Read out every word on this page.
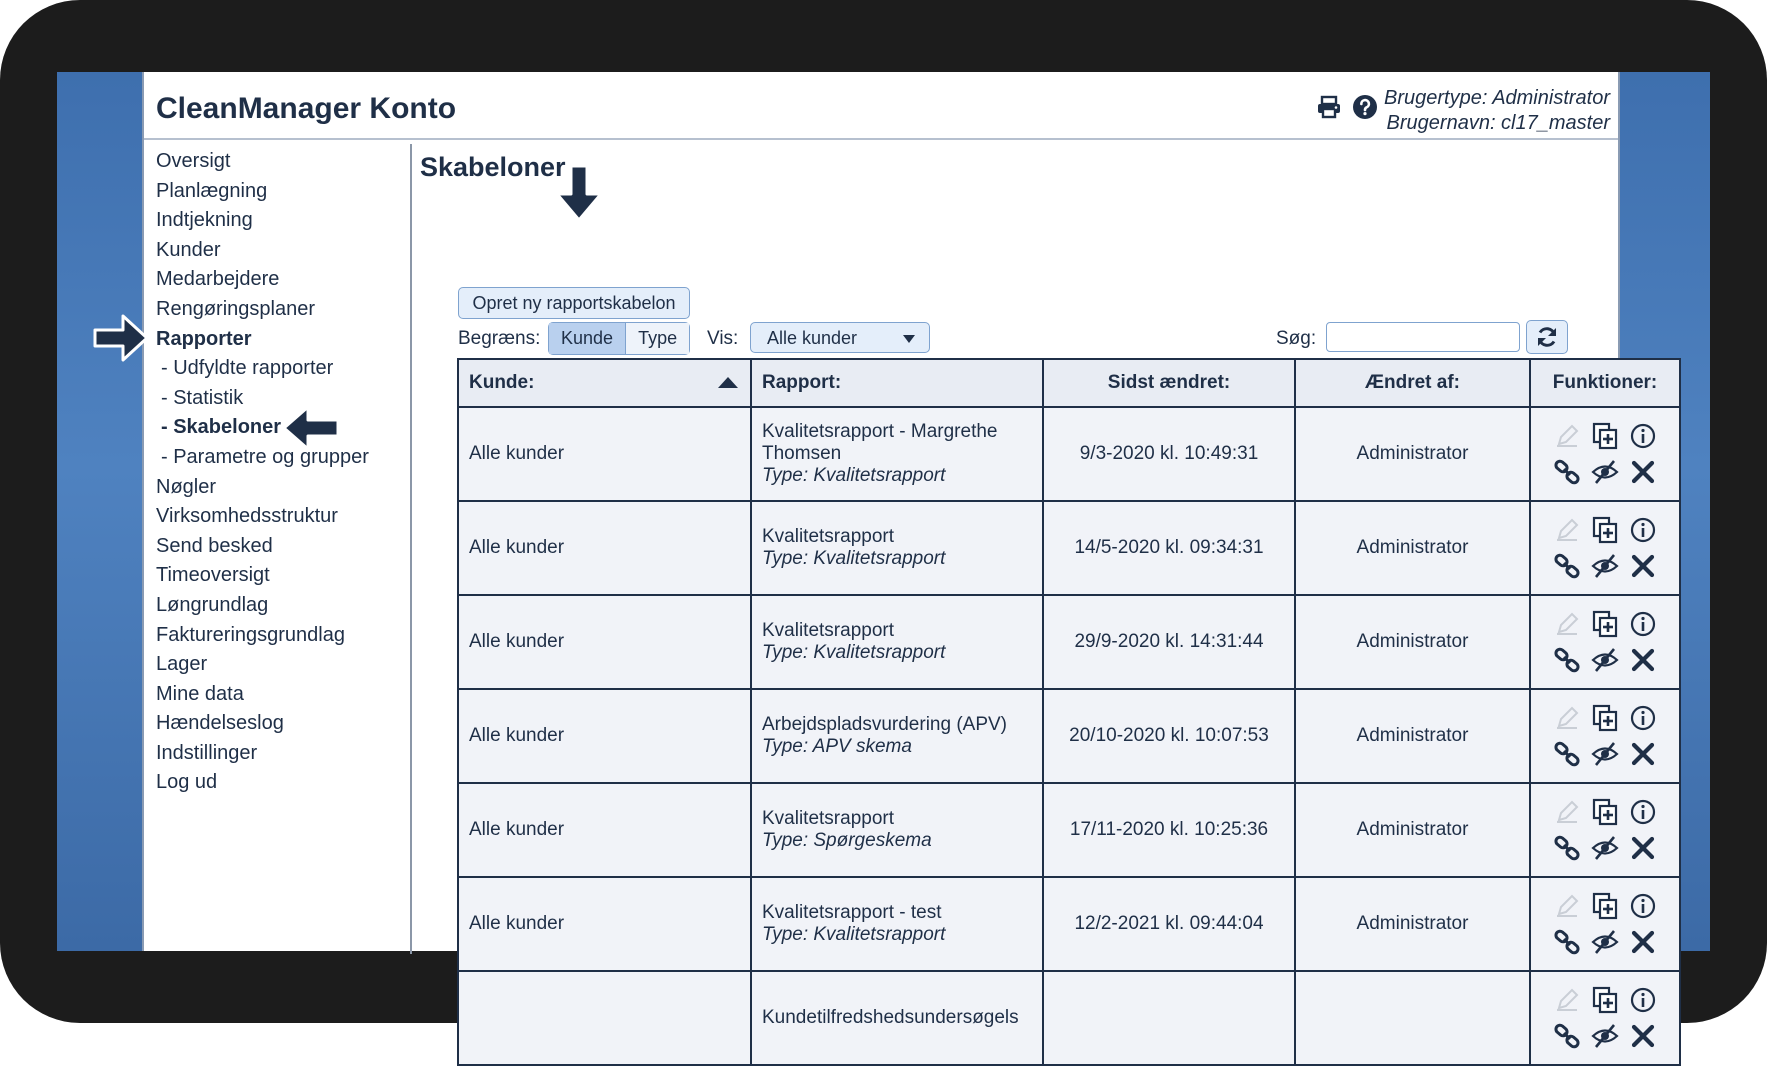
CleanManager Konto	Brugertype: Administrator
Brugernavn: cl17_master
Oversigt
Planlægning
Indtjekning
Kunder
Medarbejdere
Rengøringsplaner
Rapporter
- Udfyldte rapporter
- Statistik
- Skabeloner
- Parametre og grupper
Nøgler
Virksomhedsstruktur
Send besked
Timeoversigt
Løngrundlag
Faktureringsgrundlag
Lager
Mine data
Hændelseslog
Indstillinger
Log ud
Skabeloner
Opret ny rapportskabelon
Begræns:	Kunde	Type	Vis:	Alle kunder	Søg:
Kunde:	Rapport:	Sidst ændret:	Ændret af:	Funktioner:
Alle kunder	Kvalitetsrapport - Margrethe Thomsen
Type: Kvalitetsrapport	9/3-2020 kl. 10:49:31	Administrator	

Alle kunder	Kvalitetsrapport
Type: Kvalitetsrapport	14/5-2020 kl. 09:34:31	Administrator	

Alle kunder	Kvalitetsrapport
Type: Kvalitetsrapport	29/9-2020 kl. 14:31:44	Administrator	

Alle kunder	Arbejdspladsvurdering (APV)
Type: APV skema	20/10-2020 kl. 10:07:53	Administrator	

Alle kunder	Kvalitetsrapport
Type: Spørgeskema	17/11-2020 kl. 10:25:36	Administrator	

Alle kunder	Kvalitetsrapport - test
Type: Kvalitetsrapport	12/2-2021 kl. 09:44:04	Administrator	

	Kundetilfredshedsundersøgels
